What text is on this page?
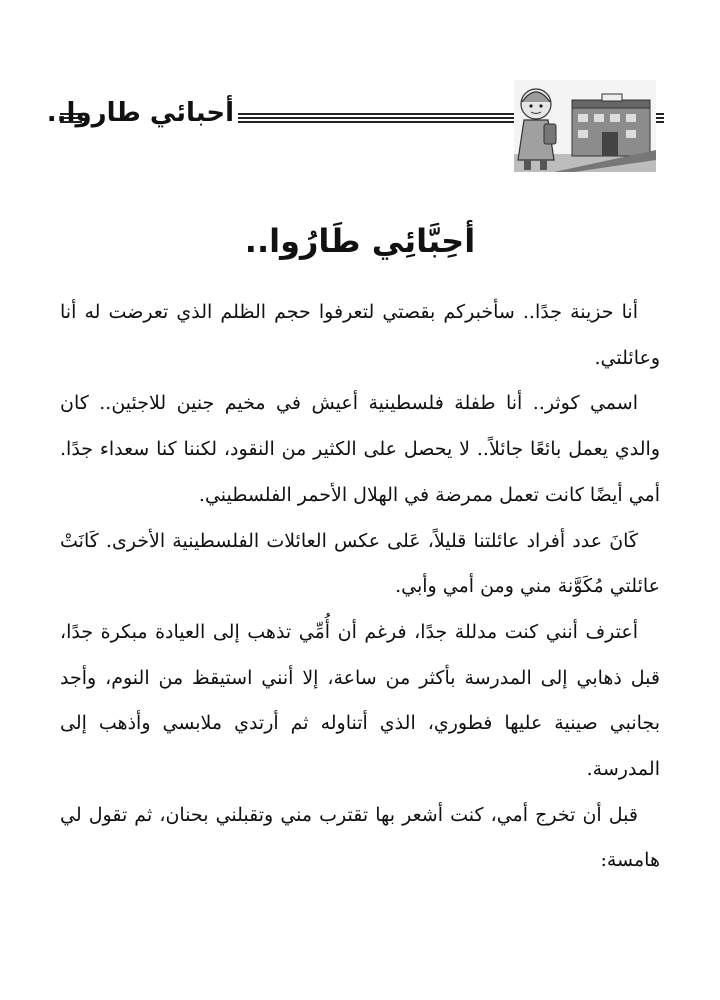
أحبائي طاروا..
أحِبَّائِي طَارُوا..

أنا حزينة جدًا.. سأخبركم بقصتي لتعرفوا حجم الظلم الذي تعرضت له أنا وعائلتي.

اسمي كوثر.. أنا طفلة فلسطينية أعيش في مخيم جنين للاجئين.. كان والدي يعمل بائعًا جائلاً.. لا يحصل على الكثير من النقود، لكننا كنا سعداء جدًا. أمي أيضًا كانت تعمل ممرضة في الهلال الأحمر الفلسطيني.

كَانَ عدد أفراد عائلتنا قليلاً، عَلى عكس العائلات الفلسطينية الأخرى. كَانَتْ عائلتي مُكَوَّنة مني ومن أمي وأبي.

أعترف أنني كنت مدللة جدًا، فرغم أن أُمِّي تذهب إلى العيادة مبكرة جدًا، قبل ذهابي إلى المدرسة بأكثر من ساعة، إلا أنني استيقظ من النوم، وأجد بجانبي صينية عليها فطوري، الذي أتناوله ثم أرتدي ملابسي وأذهب إلى المدرسة.

قبل أن تخرج أمي، كنت أشعر بها تقترب مني وتقبلني بحنان، ثم تقول لي هامسة:
